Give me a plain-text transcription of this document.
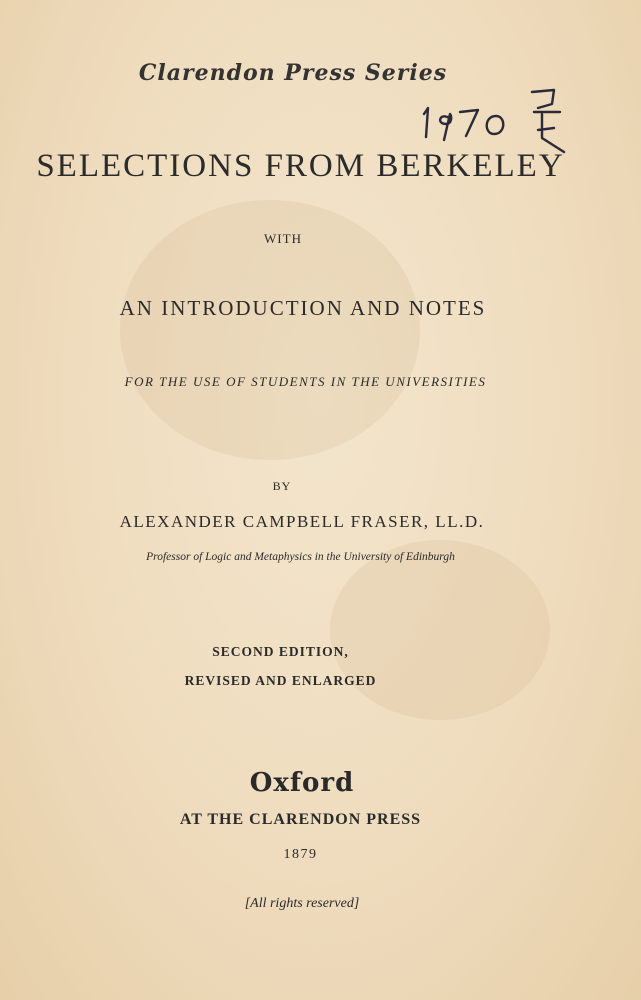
Clarendon Press Series
SELECTIONS FROM BERKELEY
WITH
AN INTRODUCTION AND NOTES
FOR THE USE OF STUDENTS IN THE UNIVERSITIES
BY
ALEXANDER CAMPBELL FRASER, LL.D.
Professor of Logic and Metaphysics in the University of Edinburgh
SECOND EDITION,
REVISED AND ENLARGED
Oxford
AT THE CLARENDON PRESS
1879
[All rights reserved]
